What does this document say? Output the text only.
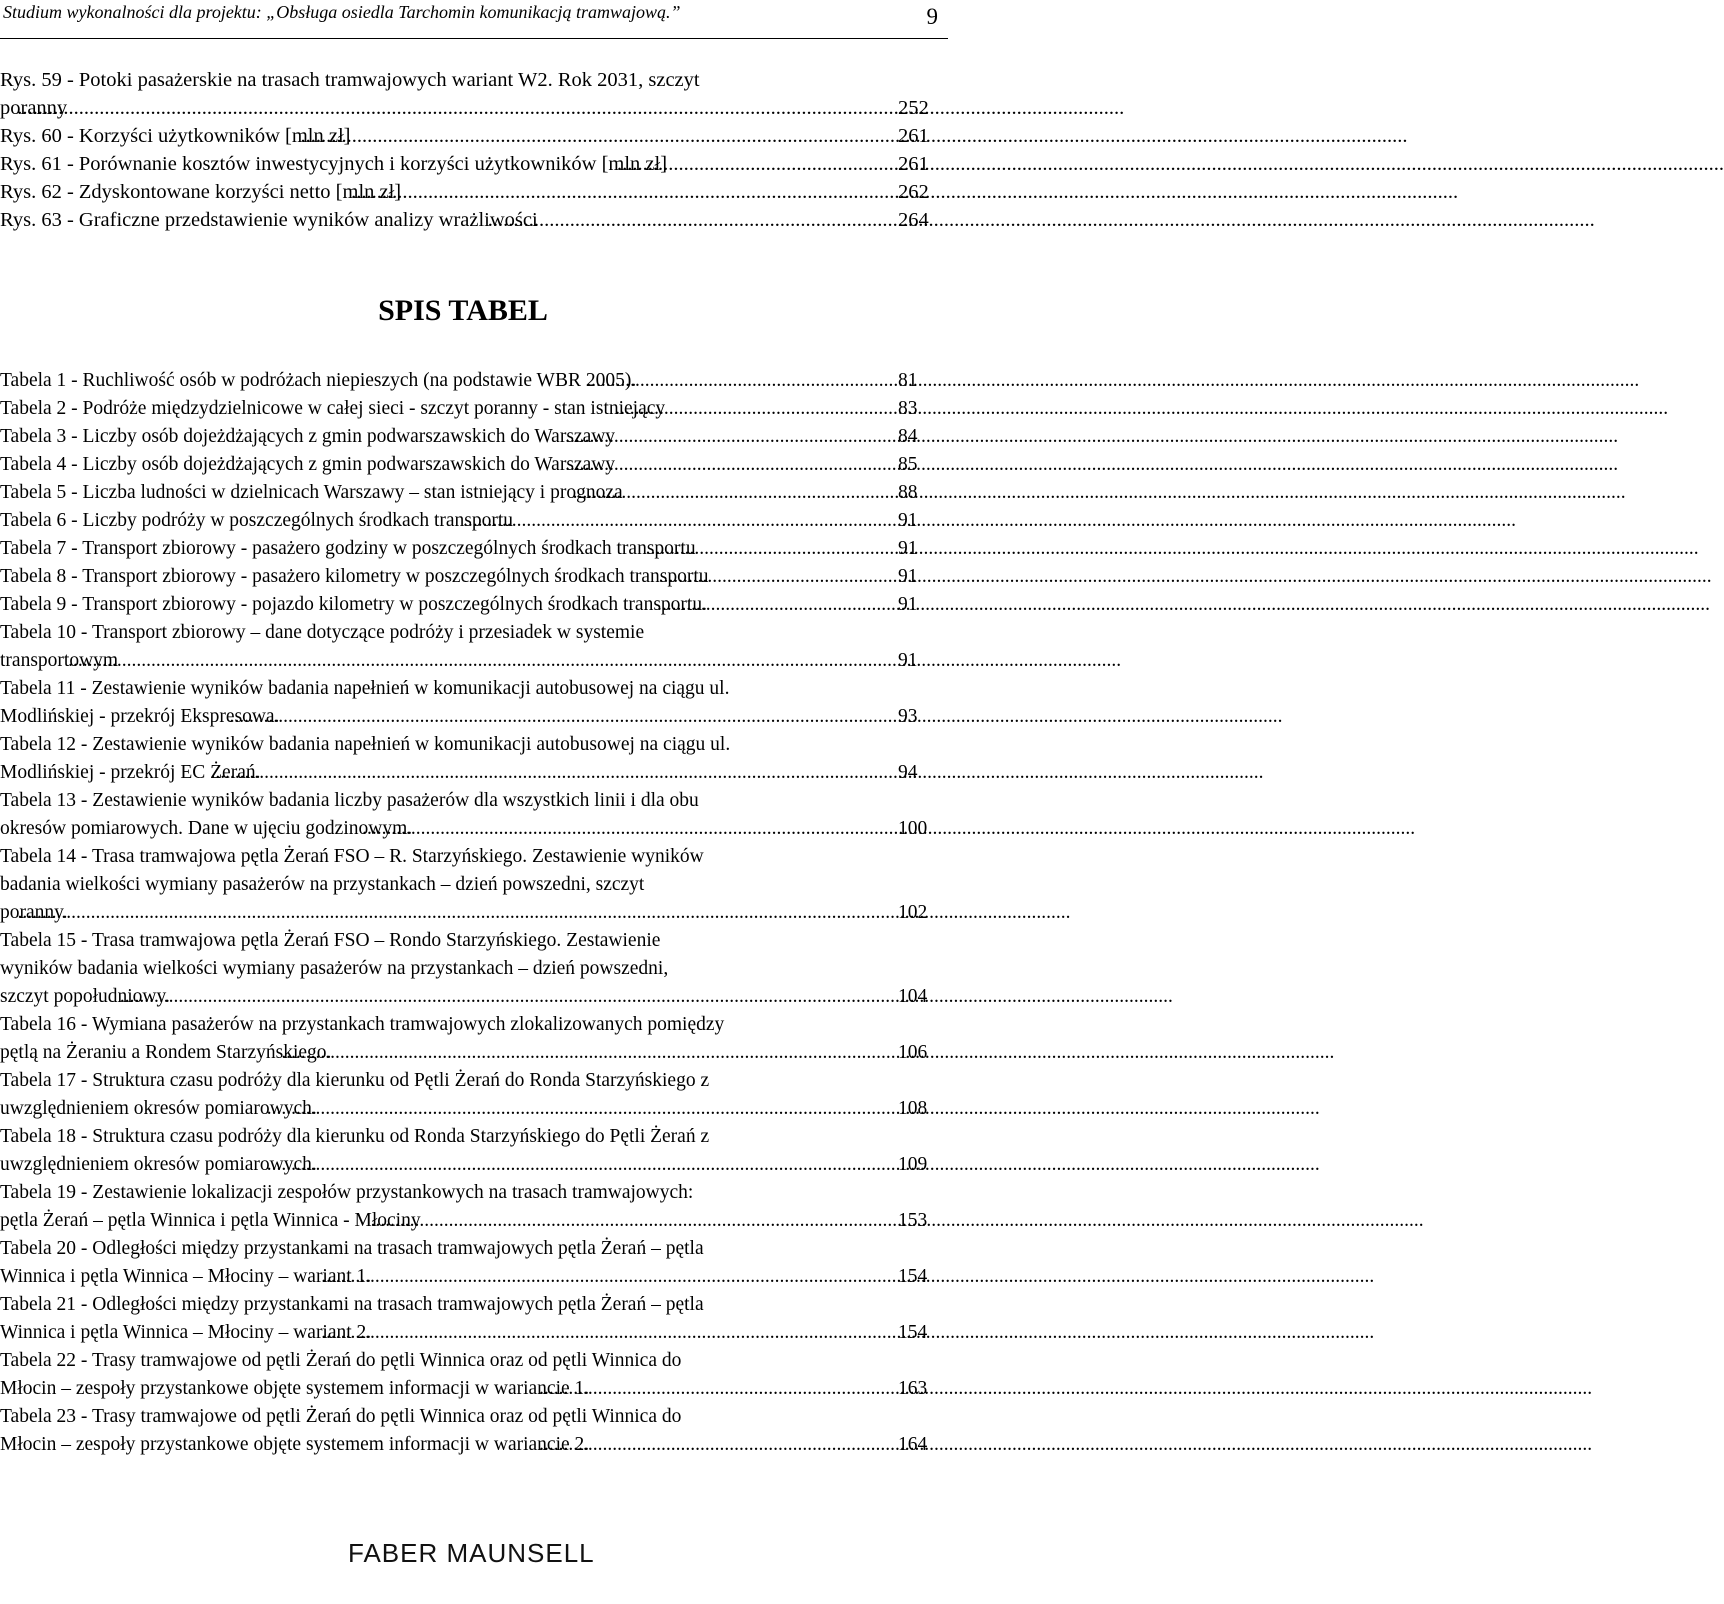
Studium wykonalności dla projektu: „Obsługa osiedla Tarchomin komunikacją tramwajową.”	9
Rys. 59 - Potoki pasażerskie na trasach tramwajowych wariant W2. Rok 2031, szczyt
poranny .....	252
Rys. 60 - Korzyści użytkowników [mln zł] .....	261
Rys. 61 - Porównanie kosztów inwestycyjnych i korzyści użytkowników [mln zł] .....	261
Rys. 62 - Zdyskontowane korzyści netto [mln zł] .....	262
Rys. 63 - Graficzne przedstawienie wyników analizy wrażliwości .....	264
SPIS TABEL
Tabela 1 - Ruchliwość osób w podróżach niepieszych (na podstawie WBR 2005). .....	81
Tabela 2 - Podróże międzydzielnicowe w całej sieci - szczyt poranny - stan istniejący .....	83
Tabela 3 - Liczby osób dojeżdżających z gmin podwarszawskich do Warszawy .....	84
Tabela 4 - Liczby osób dojeżdżających z gmin podwarszawskich do Warszawy .....	85
Tabela 5 - Liczba ludności w dzielnicach Warszawy – stan istniejący i prognoza .....	88
Tabela 6 - Liczby podróży w poszczególnych środkach transportu .....	91
Tabela 7 - Transport zbiorowy - pasażero godziny w poszczególnych środkach transportu .....	91
Tabela 8 - Transport zbiorowy - pasażero kilometry w poszczególnych środkach transportu .....	91
Tabela 9 - Transport zbiorowy - pojazdo kilometry w poszczególnych środkach transportu. .....	91
Tabela 10 - Transport zbiorowy – dane dotyczące podróży i przesiadek w systemie
transportowym .....	91
Tabela 11 - Zestawienie wyników badania napełnień w komunikacji autobusowej na ciągu ul.
Modlińskiej - przekrój Ekspresowa. .....	93
Tabela 12 - Zestawienie wyników badania napełnień w komunikacji autobusowej na ciągu ul.
Modlińskiej - przekrój EC Żerań. .....	94
Tabela 13 - Zestawienie wyników badania liczby pasażerów dla wszystkich linii i dla obu
okresów pomiarowych. Dane w ujęciu godzinowym. .....	100
Tabela 14 - Trasa tramwajowa pętla Żerań FSO – R. Starzyńskiego. Zestawienie wyników
badania wielkości wymiany pasażerów na przystankach – dzień powszedni, szczyt
poranny. .....	102
Tabela 15 - Trasa tramwajowa pętla Żerań FSO – Rondo Starzyńskiego. Zestawienie
wyników badania wielkości wymiany pasażerów na przystankach – dzień powszedni,
szczyt popołudniowy. .....	104
Tabela 16 - Wymiana pasażerów na przystankach tramwajowych zlokalizowanych pomiędzy
pętlą na Żeraniu a Rondem Starzyńskiego. .....	106
Tabela 17 - Struktura czasu podróży dla kierunku od Pętli Żerań do Ronda Starzyńskiego z
uwzględnieniem okresów pomiarowych. .....	108
Tabela 18 - Struktura czasu podróży dla kierunku od Ronda Starzyńskiego do Pętli Żerań z
uwzględnieniem okresów pomiarowych. .....	109
Tabela 19 - Zestawienie lokalizacji zespołów przystankowych na trasach tramwajowych:
pętla Żerań – pętla Winnica i pętla Winnica - Młociny .....	153
Tabela 20 - Odległości między przystankami na trasach tramwajowych pętla Żerań – pętla
Winnica i pętla Winnica – Młociny – wariant 1. .....	154
Tabela 21 - Odległości między przystankami na trasach tramwajowych pętla Żerań – pętla
Winnica i pętla Winnica – Młociny – wariant 2. .....	154
Tabela 22 - Trasy tramwajowe od pętli Żerań do pętli Winnica oraz od pętli Winnica do
Młocin – zespoły przystankowe objęte systemem informacji w wariancie 1. .....	163
Tabela 23 - Trasy tramwajowe od pętli Żerań do pętli Winnica oraz od pętli Winnica do
Młocin – zespoły przystankowe objęte systemem informacji w wariancie 2. .....	164
FABER MAUNSELL
